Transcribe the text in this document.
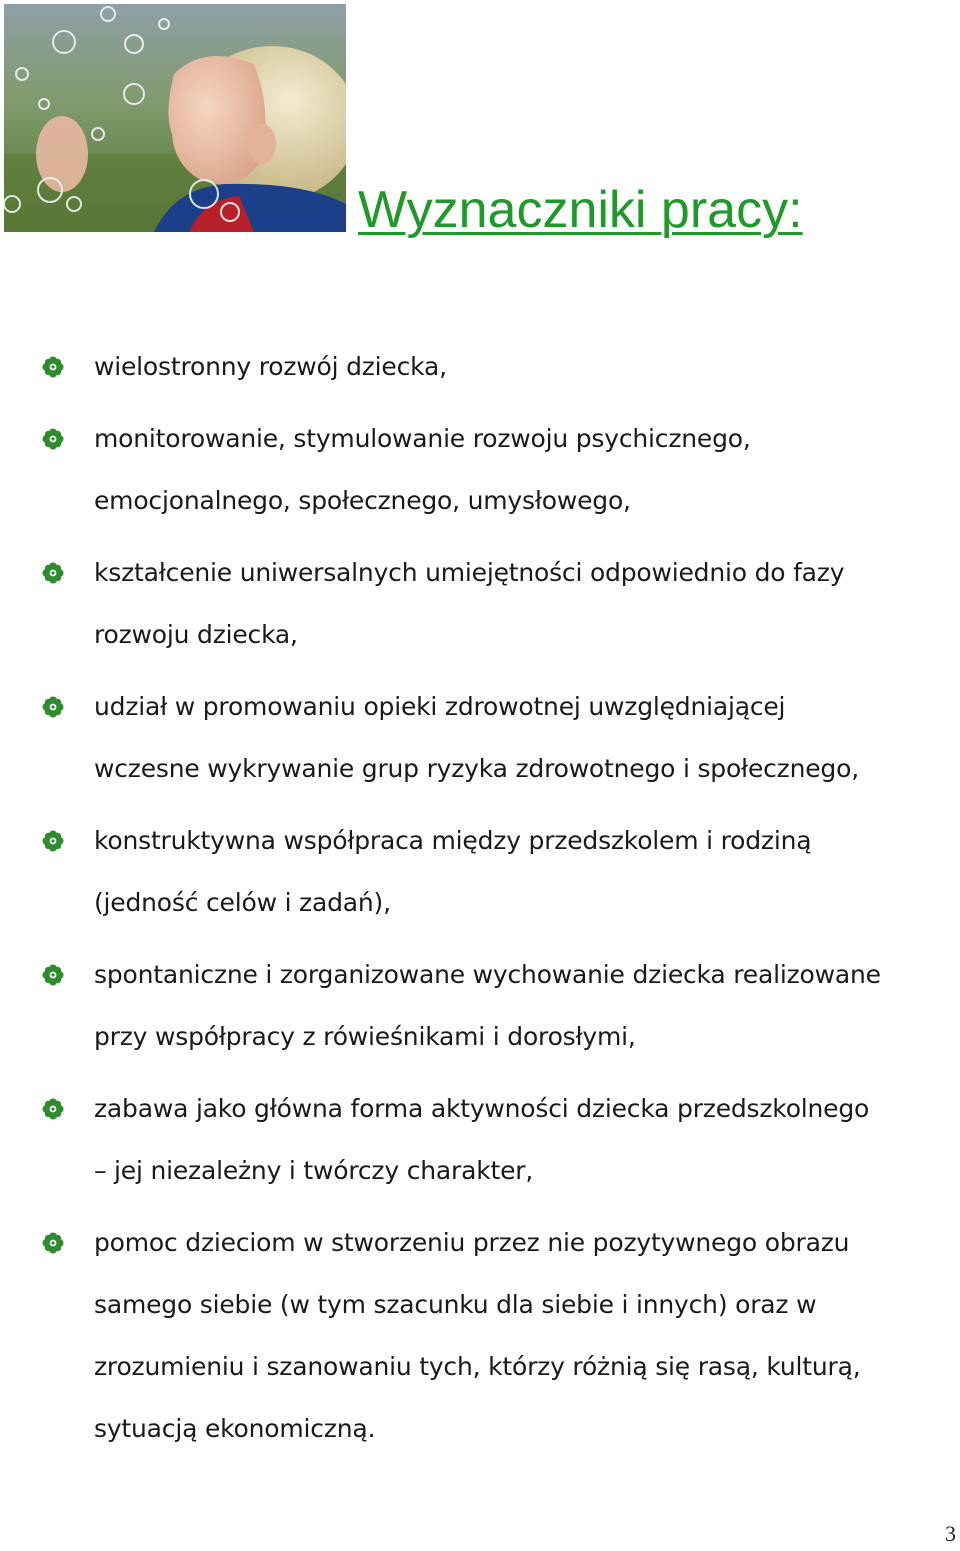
Wyznaczniki pracy:
wielostronny rozwój dziecka,
monitorowanie, stymulowanie rozwoju psychicznego,
emocjonalnego, społecznego, umysłowego,
kształcenie uniwersalnych umiejętności odpowiednio do fazy
rozwoju dziecka,
udział w promowaniu opieki zdrowotnej uwzględniającej
wczesne wykrywanie grup ryzyka zdrowotnego i społecznego,
konstruktywna współpraca między przedszkolem i rodziną
(jedność celów i zadań),
spontaniczne i zorganizowane wychowanie dziecka realizowane
przy współpracy z rówieśnikami i dorosłymi,
zabawa jako główna forma aktywności dziecka przedszkolnego
– jej niezależny i twórczy charakter,
pomoc dzieciom w stworzeniu przez nie pozytywnego obrazu
samego siebie (w tym szacunku dla siebie i innych) oraz w
zrozumieniu i szanowaniu tych, którzy różnią się rasą, kulturą,
sytuacją ekonomiczną.
3
